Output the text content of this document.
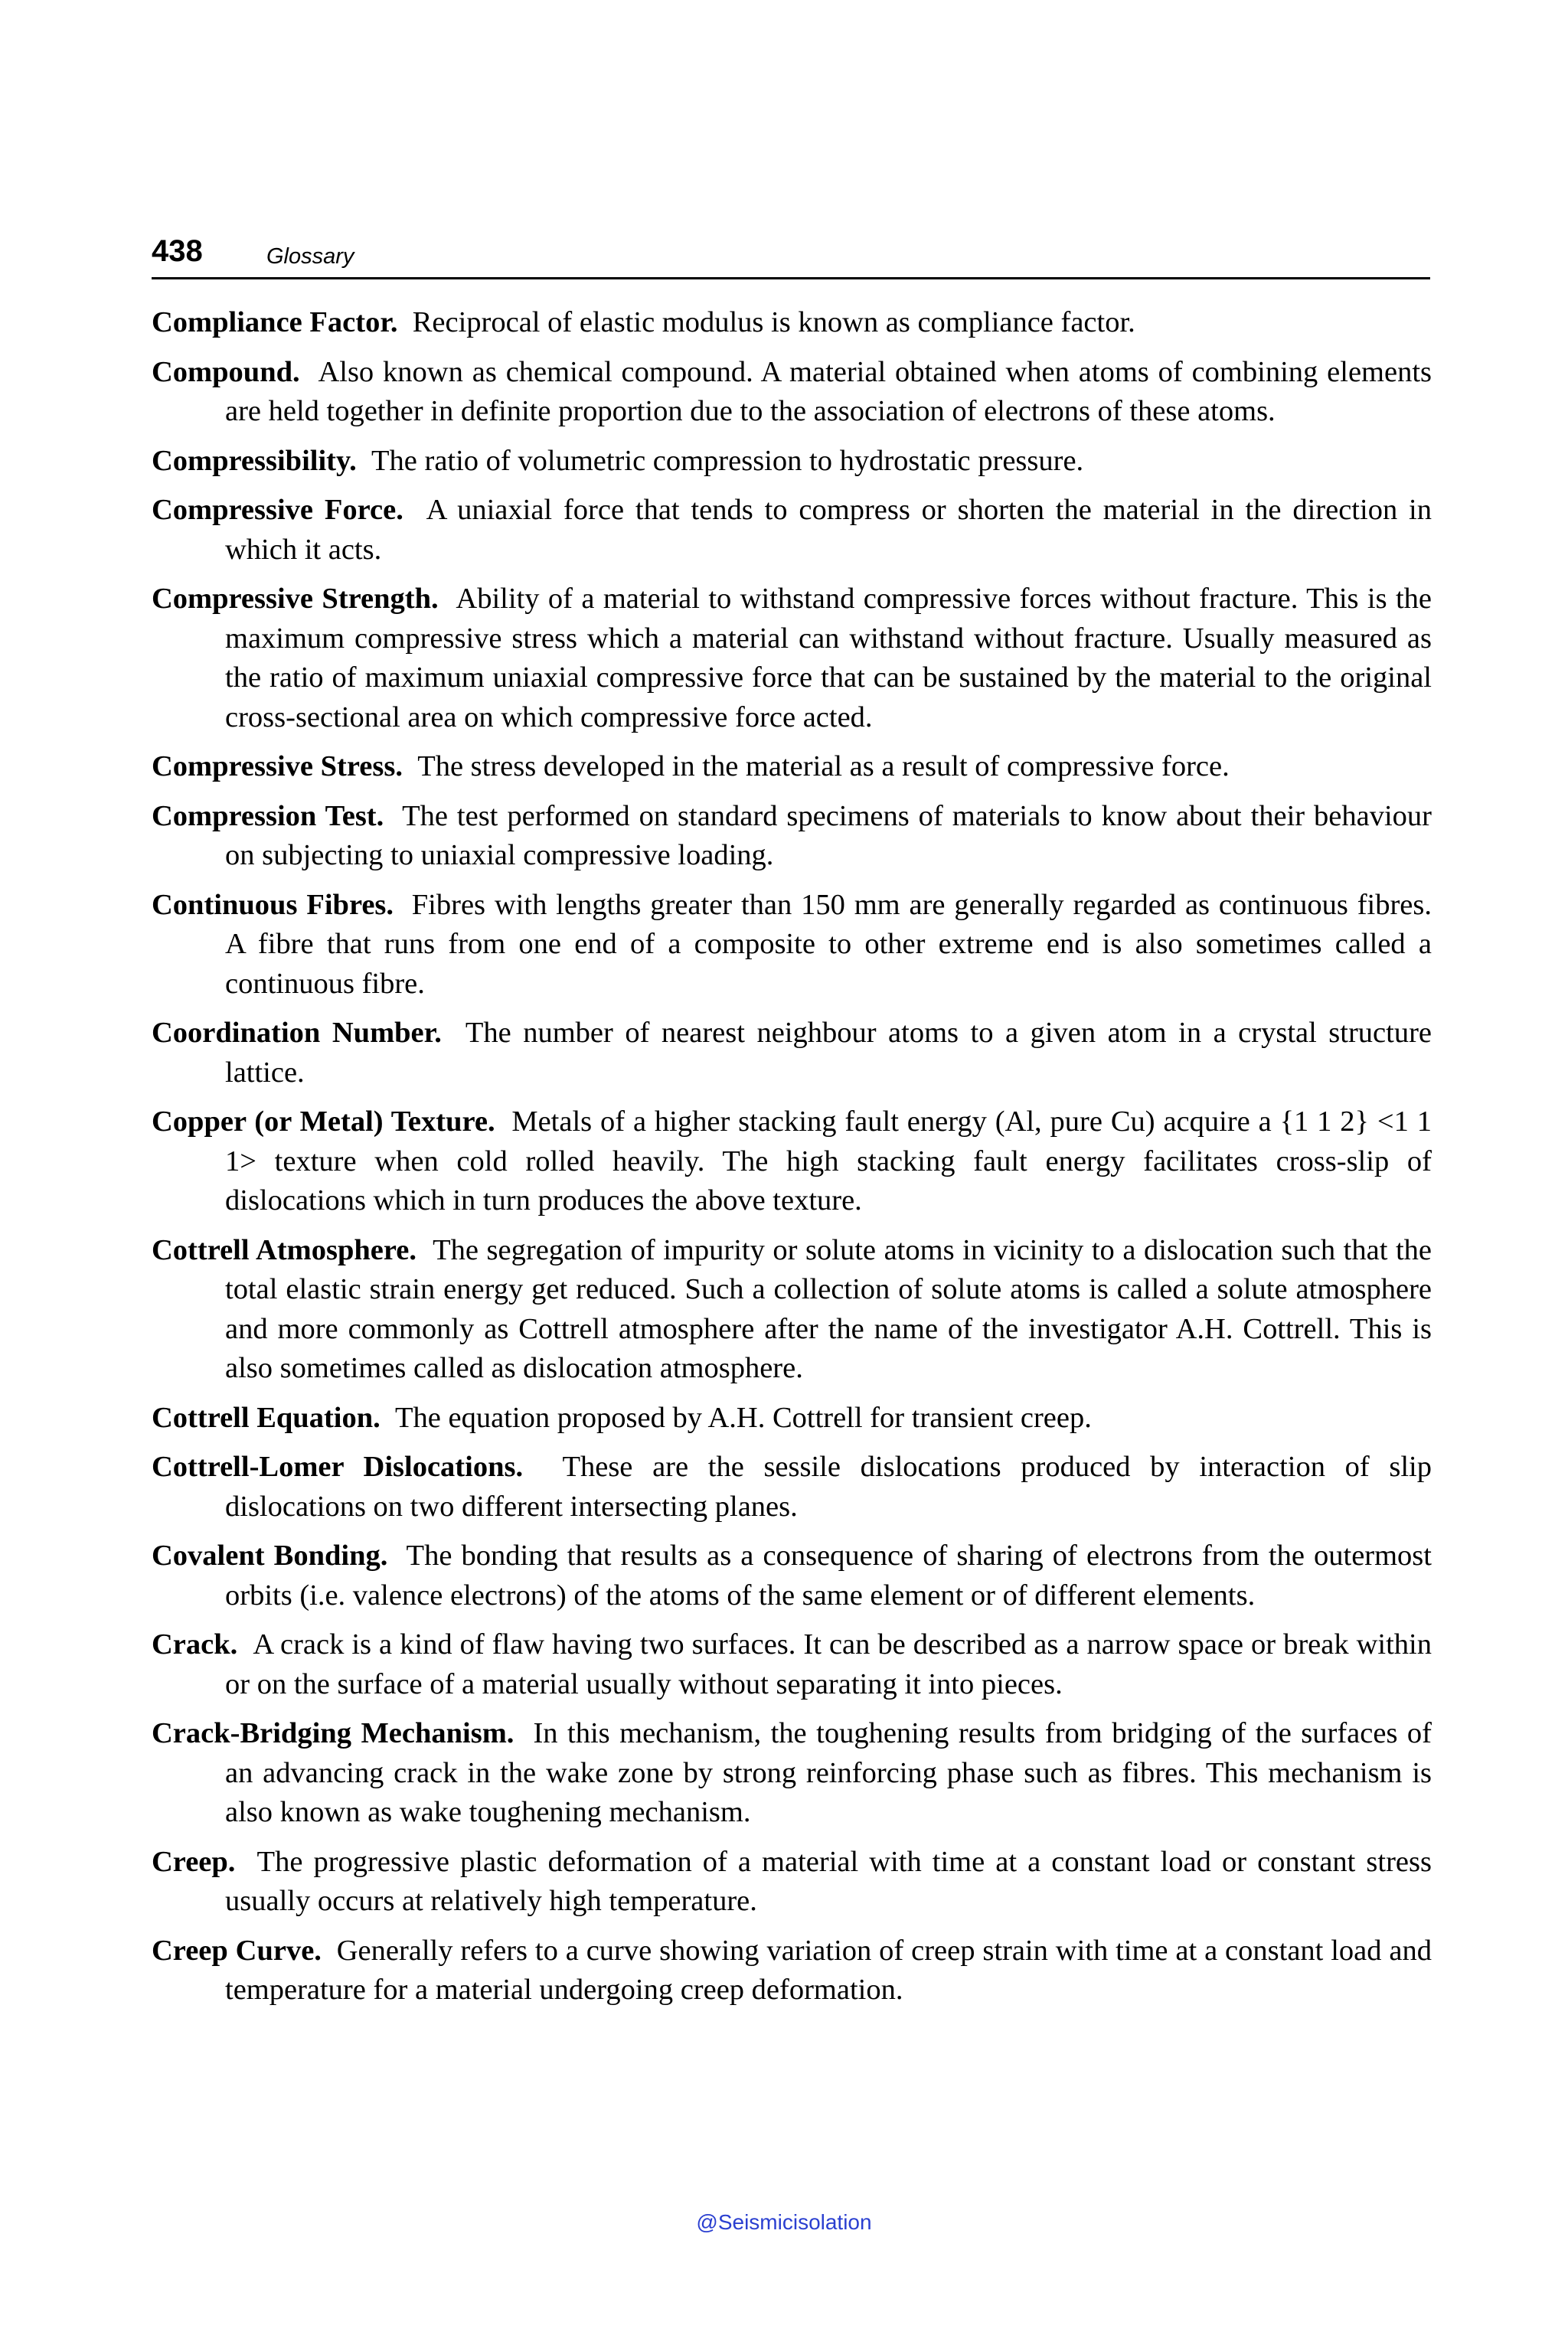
438	Glossary

Compliance Factor. Reciprocal of elastic modulus is known as compliance factor.

Compound. Also known as chemical compound. A material obtained when atoms of combining elements are held together in definite proportion due to the association of electrons of these atoms.

Compressibility. The ratio of volumetric compression to hydrostatic pressure.

Compressive Force. A uniaxial force that tends to compress or shorten the material in the direction in which it acts.

Compressive Strength. Ability of a material to withstand compressive forces without fracture. This is the maximum compressive stress which a material can withstand without fracture. Usually measured as the ratio of maximum uniaxial compressive force that can be sustained by the material to the original cross-sectional area on which compressive force acted.

Compressive Stress. The stress developed in the material as a result of compressive force.

Compression Test. The test performed on standard specimens of materials to know about their behaviour on subjecting to uniaxial compressive loading.

Continuous Fibres. Fibres with lengths greater than 150 mm are generally regarded as continuous fibres. A fibre that runs from one end of a composite to other extreme end is also sometimes called a continuous fibre.

Coordination Number. The number of nearest neighbour atoms to a given atom in a crystal structure lattice.

Copper (or Metal) Texture. Metals of a higher stacking fault energy (Al, pure Cu) acquire a {1 1 2} <1 1 1> texture when cold rolled heavily. The high stacking fault energy facilitates cross-slip of dislocations which in turn produces the above texture.

Cottrell Atmosphere. The segregation of impurity or solute atoms in vicinity to a dislocation such that the total elastic strain energy get reduced. Such a collection of solute atoms is called a solute atmosphere and more commonly as Cottrell atmosphere after the name of the investigator A.H. Cottrell. This is also sometimes called as dislocation atmosphere.

Cottrell Equation. The equation proposed by A.H. Cottrell for transient creep.

Cottrell-Lomer Dislocations. These are the sessile dislocations produced by interaction of slip dislocations on two different intersecting planes.

Covalent Bonding. The bonding that results as a consequence of sharing of electrons from the outermost orbits (i.e. valence electrons) of the atoms of the same element or of different elements.

Crack. A crack is a kind of flaw having two surfaces. It can be described as a narrow space or break within or on the surface of a material usually without separating it into pieces.

Crack-Bridging Mechanism. In this mechanism, the toughening results from bridging of the surfaces of an advancing crack in the wake zone by strong reinforcing phase such as fibres. This mechanism is also known as wake toughening mechanism.

Creep. The progressive plastic deformation of a material with time at a constant load or constant stress usually occurs at relatively high temperature.

Creep Curve. Generally refers to a curve showing variation of creep strain with time at a constant load and temperature for a material undergoing creep deformation.

@Seismicisolation
